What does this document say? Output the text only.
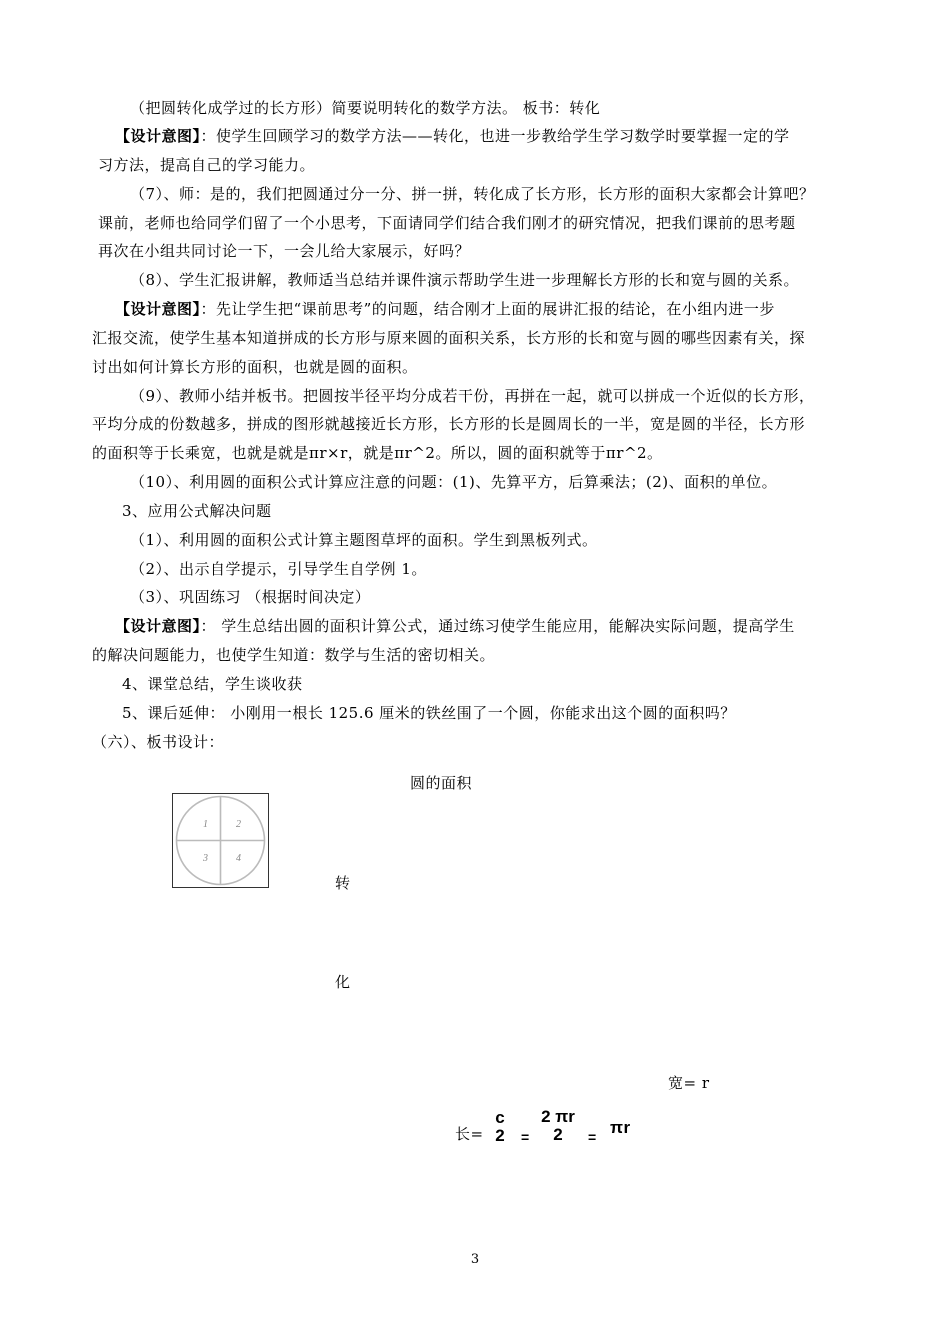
（把圆转化成学过的长方形）简要说明转化的数学方法。 板书：转化
【设计意图】：使学生回顾学习的数学方法——转化，也进一步教给学生学习数学时要掌握一定的学
习方法，提高自己的学习能力。
（7）、师：是的，我们把圆通过分一分、拼一拼，转化成了长方形，长方形的面积大家都会计算吧？
课前，老师也给同学们留了一个小思考，下面请同学们结合我们刚才的研究情况，把我们课前的思考题
再次在小组共同讨论一下，一会儿给大家展示，好吗？
（8）、学生汇报讲解，教师适当总结并课件演示帮助学生进一步理解长方形的长和宽与圆的关系。
【设计意图】：先让学生把“课前思考”的问题，结合刚才上面的展讲汇报的结论，在小组内进一步
汇报交流，使学生基本知道拼成的长方形与原来圆的面积关系，长方形的长和宽与圆的哪些因素有关，探
讨出如何计算长方形的面积，也就是圆的面积。
（9）、教师小结并板书。把圆按半径平均分成若干份，再拼在一起，就可以拼成一个近似的长方形，
平均分成的份数越多，拼成的图形就越接近长方形，长方形的长是圆周长的一半，宽是圆的半径，长方形
的面积等于长乘宽，也就是就是πr×r，就是πr^2。所以，圆的面积就等于πr^2。
（10）、利用圆的面积公式计算应注意的问题：(1)、先算平方，后算乘法；(2)、面积的单位。
3、应用公式解决问题
（1）、利用圆的面积公式计算主题图草坪的面积。学生到黑板列式。
（2）、出示自学提示，引导学生自学例 1。
（3）、巩固练习 （根据时间决定）
【设计意图】： 学生总结出圆的面积计算公式，通过练习使学生能应用，能解决实际问题，提高学生
的解决问题能力，也使学生知道：数学与生活的密切相关。
4、课堂总结，学生谈收获
5、课后延伸： 小刚用一根长 125.6 厘米的铁丝围了一个圆，你能求出这个圆的面积吗？
（六）、板书设计：
圆的面积
1	2
3	4
转
化
宽= r
长=
c
2	=
2 πr
2	= πr
3
